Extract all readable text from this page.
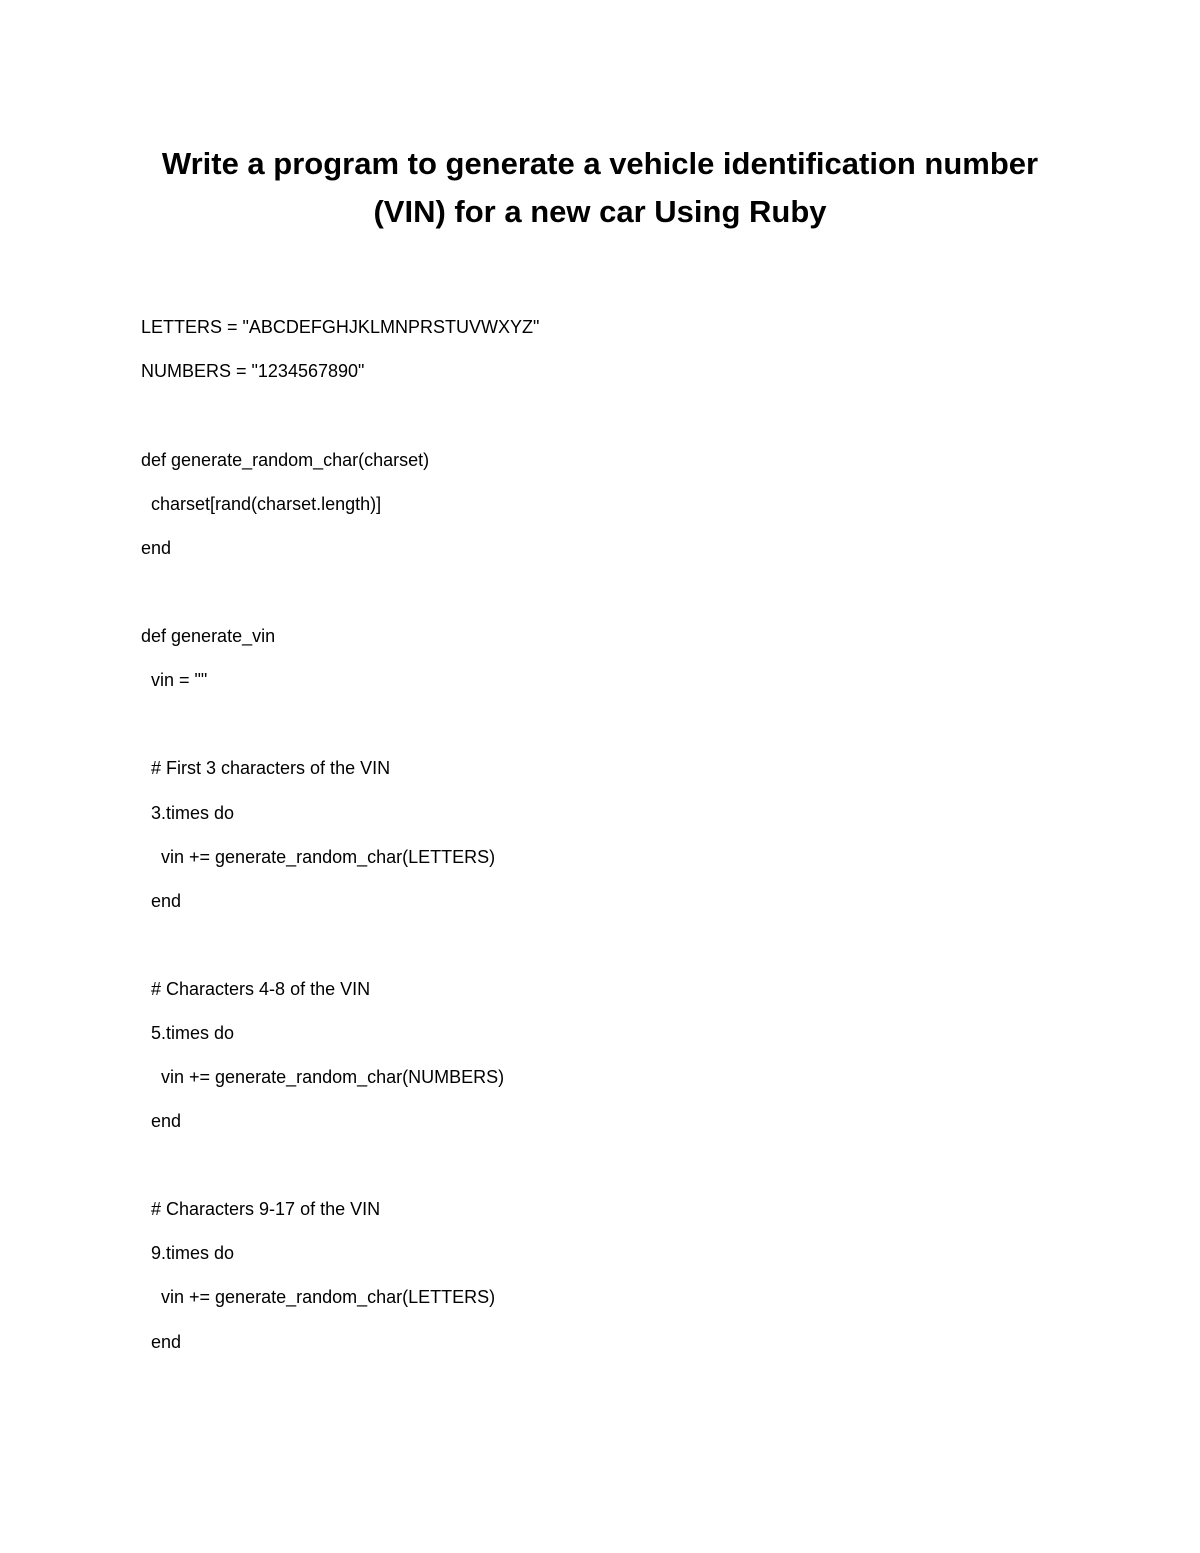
Write a program to generate a vehicle identification number
(VIN) for a new car Using Ruby

LETTERS = "ABCDEFGHJKLMNPRSTUVWXYZ"

NUMBERS = "1234567890"

def generate_random_char(charset)

charset[rand(charset.length)]

end

def generate_vin

vin = ""

# First 3 characters of the VIN

3.times do

vin += generate_random_char(LETTERS)

end

# Characters 4-8 of the VIN

5.times do

vin += generate_random_char(NUMBERS)

end

# Characters 9-17 of the VIN

9.times do

vin += generate_random_char(LETTERS)

end
